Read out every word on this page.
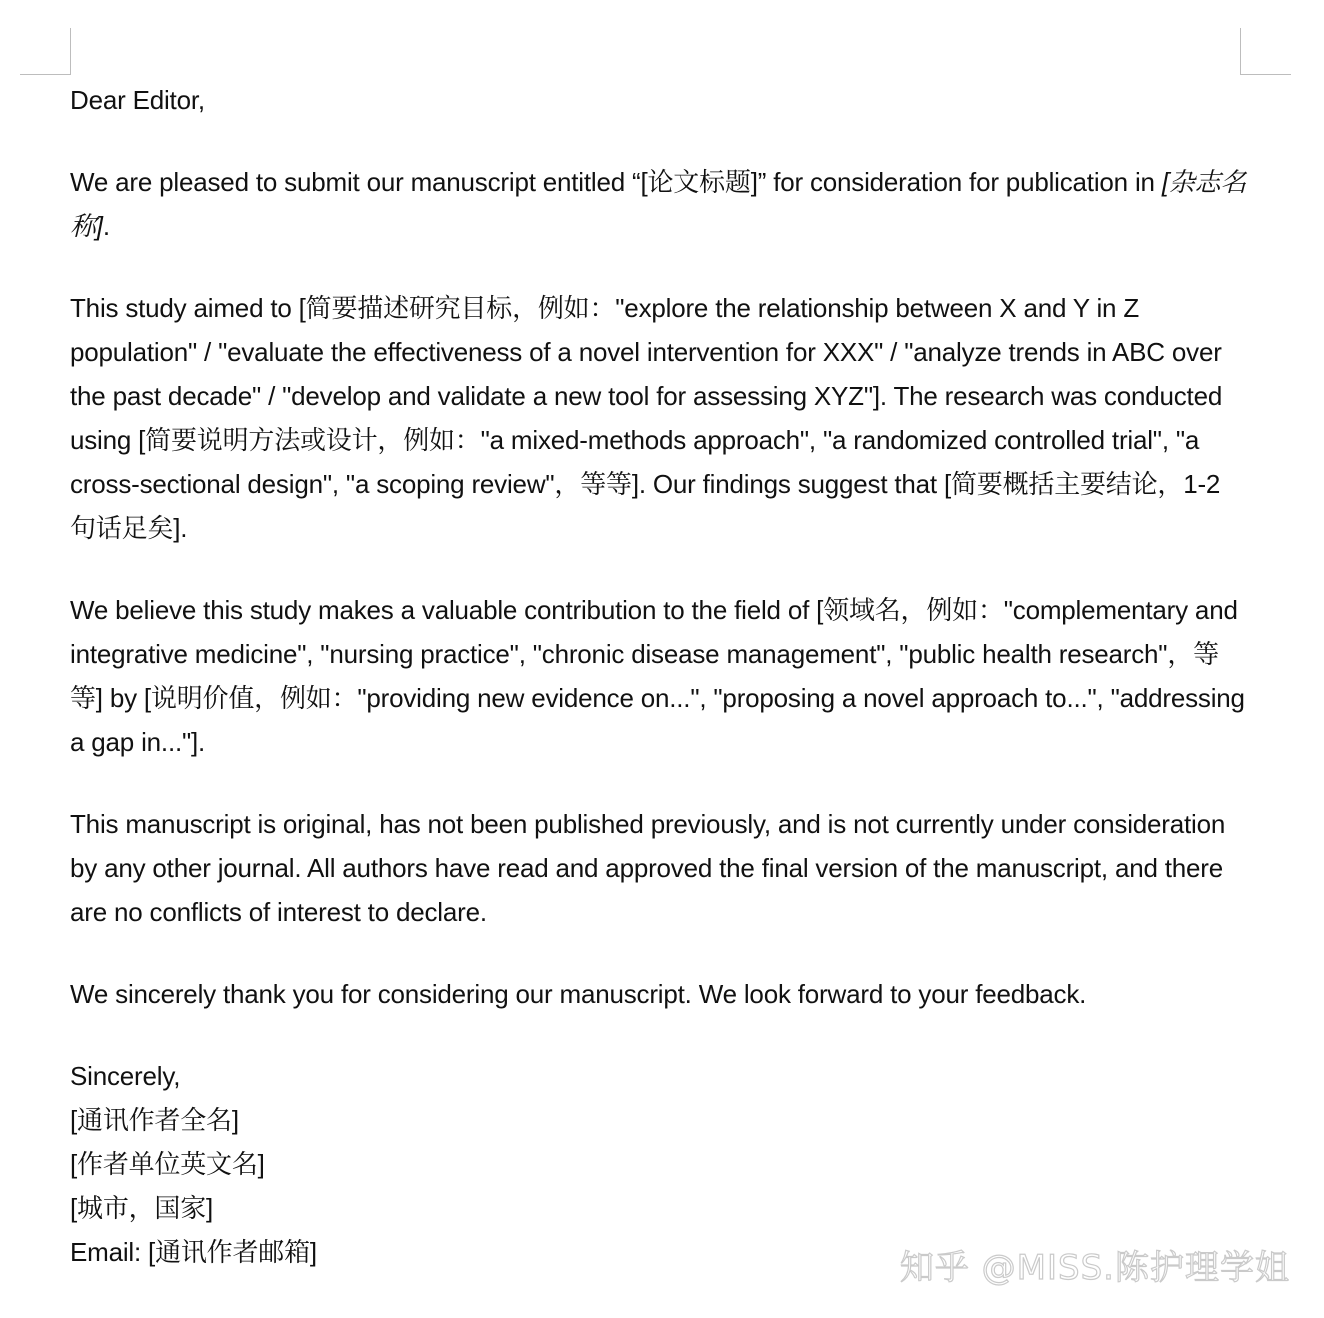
Dear Editor,

We are pleased to submit our manuscript entitled “[论文标题]” for consideration for publication in [杂志名称].

This study aimed to [简要描述研究目标，例如："explore the relationship between X and Y in Z population" / "evaluate the effectiveness of a novel intervention for XXX" / "analyze trends in ABC over the past decade" / "develop and validate a new tool for assessing XYZ"]. The research was conducted using [简要说明方法或设计，例如："a mixed-methods approach", "a randomized controlled trial", "a cross-sectional design", "a scoping review"，等等]. Our findings suggest that [简要概括主要结论，1-2 句话足矣].

We believe this study makes a valuable contribution to the field of [领域名，例如："complementary and integrative medicine", "nursing practice", "chronic disease management", "public health research"，等等] by [说明价值，例如："providing new evidence on...", "proposing a novel approach to...", "addressing a gap in..."].

This manuscript is original, has not been published previously, and is not currently under consideration by any other journal. All authors have read and approved the final version of the manuscript, and there are no conflicts of interest to declare.

We sincerely thank you for considering our manuscript. We look forward to your feedback.

Sincerely,
[通讯作者全名]
[作者单位英文名]
[城市，国家]
Email: [通讯作者邮箱]	知乎 @MISS.陈护理学姐
